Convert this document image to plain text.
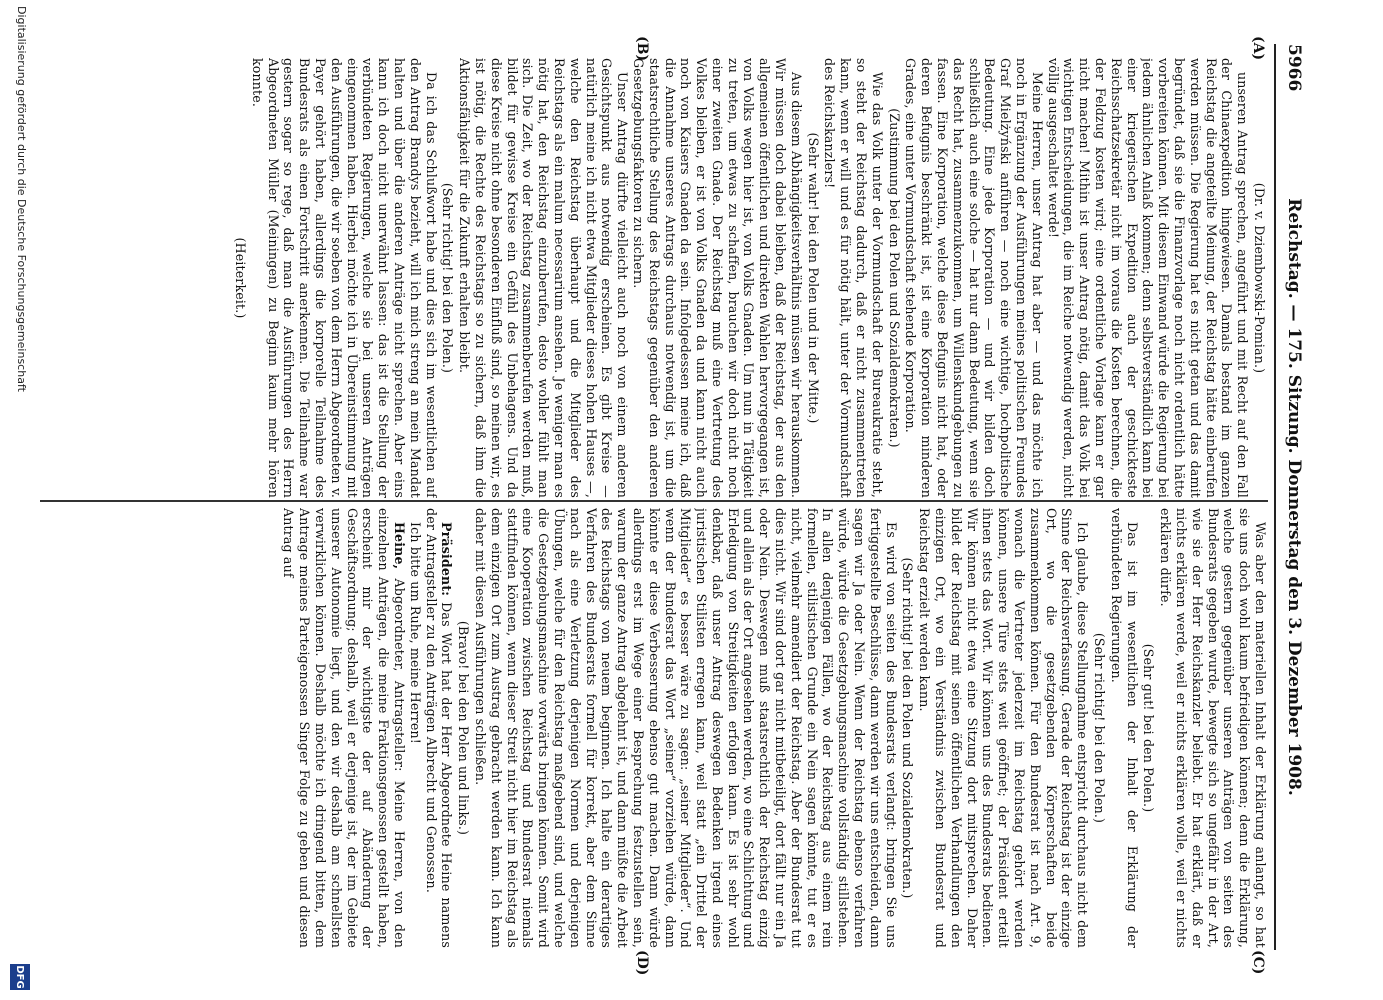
5966
Reichstag. — 175. Sitzung. Donnerstag den 3. Dezember 1908.
(A)
(B)
(C)
(D)

(Dr. v. Dziembowski-Pomian.)

unseren Antrag sprechen, angeführt und mit Recht auf den Fall der Chinaexpedition hingewiesen. Damals bestand im ganzen Reichstag die angeteilte Meinung, der Reichstag hätte einberufen werden müssen. Die Regierung hat es nicht getan und das damit begründet, daß sie die Finanzvorlage noch nicht ordentlich hätte vorbereiten können. Mit diesem Einwand würde die Regierung bei jedem ähnlichen Anlaß kommen; denn selbstverständlich kann bei einer kriegerischen Expedition auch der geschickteste Reichsschatzsekretär nicht im voraus die Kosten berechnen, die der Feldzug kosten wird; eine ordentliche Vorlage kann er gar nicht machen! Mithin ist unser Antrag nötig, damit das Volk bei wichtigen Entscheidungen, die im Reiche notwendig werden, nicht völlig ausgeschaltet werde!

Meine Herren, unser Antrag hat aber — und das möchte ich noch in Ergänzung der Ausführungen meines politischen Freundes Graf Mielżyński anführen — noch eine wichtige, hochpolitische Bedeutung. Eine jede Korporation — und wir bilden doch schließlich auch eine solche — hat nur dann Bedeutung, wenn sie das Recht hat, zusammenzukommen, um Willenskundgebungen zu fassen. Eine Korporation, welche diese Befugnis nicht hat, oder deren Befugnis beschränkt ist, ist eine Korporation minderen Grades, eine unter Vormundschaft stehende Korporation.

(Zustimmung bei den Polen und Sozialdemokraten.)

Wie das Volk unter der Vormundschaft der Bureaukratie steht, so steht der Reichstag dadurch, daß er nicht zusammentreten kann, wenn er will und es für nötig hält, unter der Vormundschaft des Reichskanzlers!

(Sehr wahr! bei den Polen und in der Mitte.)

Aus diesem Abhängigkeitsverhältnis müssen wir herauskommen. Wir müssen doch dabei bleiben, daß der Reichstag, der aus den allgemeinen öffentlichen und direkten Wahlen hervorgegangen ist, von Volks wegen hier ist, von Volks Gnaden. Um nun in Tätigkeit zu treten, um etwas zu schaffen, brauchen wir doch nicht noch einer zweiten Gnade. Der Reichstag muß eine Vertretung des Volkes bleiben, er ist von Volks Gnaden da und kann nicht auch noch von Kaisers Gnaden da sein. Infolgedessen meine ich, daß die Annahme unseres Antrags durchaus notwendig ist, um die staatsrechtliche Stellung des Reichstags gegenüber den anderen Gesetzgebungsfaktoren zu sichern.

Unser Antrag dürfte vielleicht auch noch von einem anderen Gesichtspunkt aus notwendig erscheinen. Es gibt Kreise — natürlich meine ich nicht etwa Mitglieder dieses hohen Hauses —, welche den Reichstag überhaupt und die Mitglieder des Reichstags als ein malum necessarium ansehen. Je weniger man es nötig hat, den Reichstag einzuberufen, desto wohler fühlt man sich. Die Zeit, wo der Reichstag zusammenberufen werden muß, bildet für gewisse Kreise ein Gefühl des Unbehagens. Und da diese Kreise nicht ohne besonderen Einfluß sind, so meinen wir, es ist nötig, die Rechte des Reichstags so zu sichern, daß ihm die Aktionsfähigkeit für die Zukunft erhalten bleibt.

(Sehr richtig! bei den Polen.)

Da ich das Schlußwort habe und dies sich im wesentlichen auf den Antrag Brandys bezieht, will ich mich streng an mein Mandat halten und über die anderen Anträge nicht sprechen. Aber eins kann ich doch nicht unerwähnt lassen: das ist die Stellung der verbündeten Regierungen, welche sie bei unseren Anträgen eingenommen haben. Hierbei möchte ich in Übereinstimmung mit den Ausführungen, die wir soeben von dem Herrn Abgeordneten v. Payer gehört haben, allerdings die korporelle Teilnahme des Bundesrats als einen Fortschritt anerkennen. Die Teilnahme war gestern sogar so rege, daß man die Ausführungen des Herrn Abgeordneten Müller (Meiningen) zu Beginn kaum mehr hören konnte.

(Heiterkeit.)

Was aber den materiellen Inhalt der Erklärung anlangt, so hat sie uns doch wohl kaum befriedigen können; denn die Erklärung, welche gestern gegenüber unseren Anträgen von seiten des Bundesrats gegeben wurde, bewegte sich so ungefähr in der Art, wie sie der Herr Reichskanzler beliebt. Er hat erklärt, daß er nichts erklären werde, weil er nichts erklären wolle, weil er nichts erklären dürfe.

(Sehr gut! bei den Polen.)

Das ist im wesentlichen der Inhalt der Erklärung der verbündeten Regierungen.

(Sehr richtig! bei den Polen.)

Ich glaube, diese Stellungnahme entspricht durchaus nicht dem Sinne der Reichsverfassung. Gerade der Reichstag ist der einzige Ort, wo die gesetzgebenden Körperschaften beide zusammenkommen können. Für den Bundesrat ist nach Art. 9, wonach die Vertreter jederzeit im Reichstag gehört werden können, unsere Türe stets weit geöffnet; der Präsident erteilt ihnen stets das Wort. Wir können uns des Bundesrats bedienen. Wir können nicht etwa eine Sitzung dort mitsprechen. Daher bildet der Reichstag mit seinen öffentlichen Verhandlungen den einzigen Ort, wo ein Verständnis zwischen Bundesrat und Reichstag erzielt werden kann.

(Sehr richtig! bei den Polen und Sozialdemokraten.)

Es wird von seiten des Bundesrats verlangt: bringen Sie uns fertiggestellte Beschlüsse, dann werden wir uns entscheiden, dann sagen wir Ja oder Nein. Wenn der Reichstag ebenso verfahren würde, würde die Gesetzgebungsmaschine vollständig stillstehen. In allen denjenigen Fällen, wo der Reichstag aus einem rein formellen, stilistischen Grunde ein Nein sagen könnte, tut er es nicht, vielmehr amendiert der Reichstag. Aber der Bundesrat tut dies nicht. Wir sind dort gar nicht mitbeteiligt, dort fällt nur ein Ja oder Nein. Deswegen muß staatsrechtlich der Reichstag einzig und allein als der Ort angesehen werden, wo eine Schlichtung und Erledigung von Streitigkeiten erfolgen kann. Es ist sehr wohl denkbar, daß unser Antrag deswegen Bedenken irgend eines juristischen Stilisten erregen kann, weil statt „ein Drittel der Mitglieder“ es besser wäre zu sagen: „seiner Mitglieder“. Und wenn der Bundesrat das Wort „seiner“ vorziehen würde, dann könnte er diese Verbesserung ebenso gut machen. Dann würde allerdings erst im Wege einer Besprechung festzustellen sein, warum der ganze Antrag abgelehnt ist, und dann müßte die Arbeit des Reichstags von neuem beginnen. Ich halte ein derartiges Verfahren des Bundesrats formell für korrekt, aber dem Sinne nach als eine Verletzung derjenigen Normen und derjenigen Übungen, welche für den Reichstag maßgebend sind, und welche die Gesetzgebungsmaschine vorwärts bringen können. Somit wird eine Kooperation zwischen Reichstag und Bundesrat niemals stattfinden können, wenn dieser Streit nicht hier im Reichstag als dem einzigen Ort zum Austrag gebracht werden kann. Ich kann daher mit diesen Ausführungen schließen.

(Bravo! bei den Polen und links.)

Präsident: Das Wort hat der Herr Abgeordnete Heine namens der Antragsteller zu den Anträgen Albrecht und Genossen.

Ich bitte um Ruhe, meine Herren!

Heine, Abgeordneter, Antragsteller: Meine Herren, von den einzelnen Anträgen, die meine Fraktionsgenossen gestellt haben, erscheint mir der wichtigste der auf Abänderung der Geschäftsordnung; deshalb, weil er derjenige ist, der im Gebiete unserer Autonomie liegt, und den wir deshalb am schnellsten verwirklichen können. Deshalb möchte ich dringend bitten, dem Antrage meines Parteigenossen Singer Folge zu geben und diesen Antrag auf

Digitalisierung gefördert durch die Deutsche Forschungsgemeinschaft
DFG
